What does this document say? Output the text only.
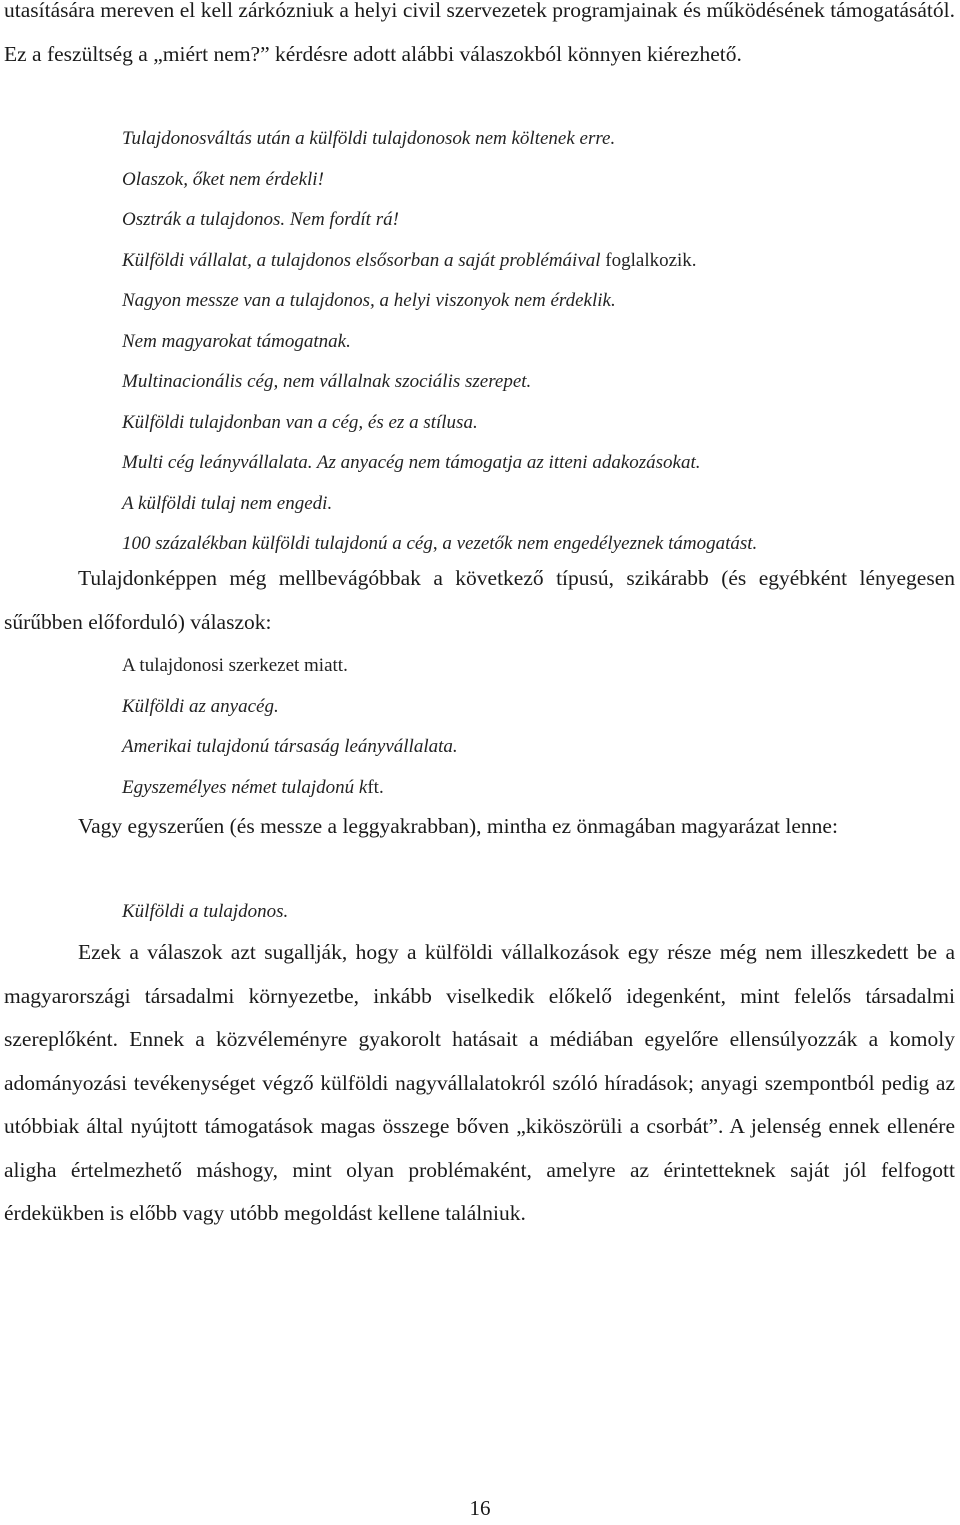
utasítására mereven el kell zárkózniuk a helyi civil szervezetek programjainak és működésének támogatásától. Ez a feszültség a „miért nem?” kérdésre adott alábbi válaszokból könnyen kiérezhető.

Tulajdonosváltás után a külföldi tulajdonosok nem költenek erre.
Olaszok, őket nem érdekli!
Osztrák a tulajdonos. Nem fordít rá!
Külföldi vállalat, a tulajdonos elsősorban a saját problémáival foglalkozik.
Nagyon messze van a tulajdonos, a helyi viszonyok nem érdeklik.
Nem magyarokat támogatnak.
Multinacionális cég, nem vállalnak szociális szerepet.
Külföldi tulajdonban van a cég, és ez a stílusa.
Multi cég leányvállalata. Az anyacég nem támogatja az itteni adakozásokat.
A külföldi tulaj nem engedi.
100 százalékban külföldi tulajdonú a cég, a vezetők nem engedélyeznek támogatást.

Tulajdonképpen még mellbevágóbbak a következő típusú, szikárabb (és egyébként lényegesen sűrűbben előforduló) válaszok:

A tulajdonosi szerkezet miatt.
Külföldi az anyacég.
Amerikai tulajdonú társaság leányvállalata.
Egyszemélyes német tulajdonú kft.

Vagy egyszerűen (és messze a leggyakrabban), mintha ez önmagában magyarázat lenne:

Külföldi a tulajdonos.

Ezek a válaszok azt sugallják, hogy a külföldi vállalkozások egy része még nem illeszkedett be a magyarországi társadalmi környezetbe, inkább viselkedik előkelő idegenként, mint felelős társadalmi szereplőként. Ennek a közvéleményre gyakorolt hatásait a médiában egyelőre ellensúlyozzák a komoly adományozási tevékenységet végző külföldi nagyvállalatokról szóló híradások; anyagi szempontból pedig az utóbbiak által nyújtott támogatások magas összege bőven „kiköszörüli a csorbát”. A jelenség ennek ellenére aligha értelmezhető máshogy, mint olyan problémaként, amelyre az érintetteknek saját jól felfogott érdekükben is előbb vagy utóbb megoldást kellene találniuk.

16
